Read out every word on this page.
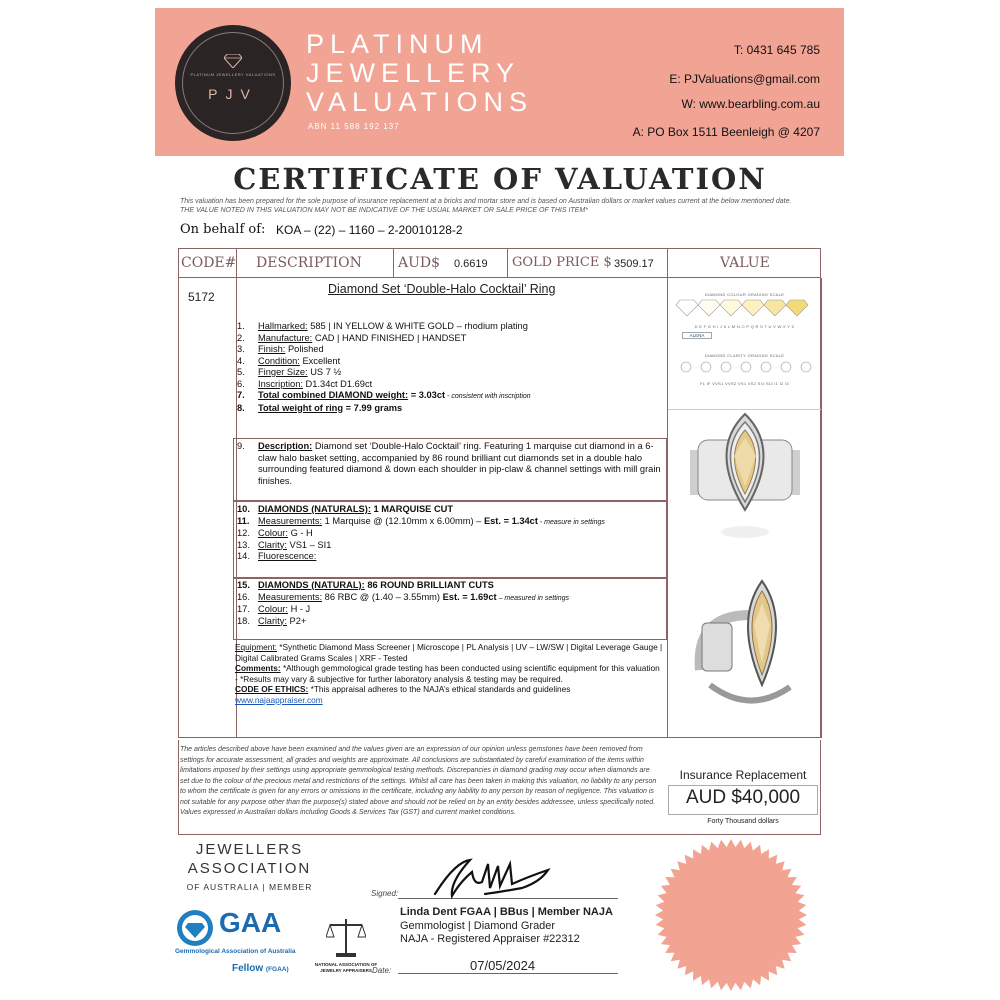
PLATINUM JEWELLERY VALUATIONS
PJV
PLATINUM
JEWELLERY
VALUATIONS
ABN 11 588 192 137
T: 0431 645 785
E: PJValuations@gmail.com
W: www.bearbling.com.au
A: PO Box 1511 Beenleigh @ 4207
CERTIFICATE OF VALUATION
This valuation has been prepared for the sole purpose of insurance replacement at a bricks and mortar store and is based on Australian dollars or market values current at the below mentioned date.
THE VALUE NOTED IN THIS VALUATION MAY NOT BE INDICATIVE OF THE USUAL MARKET OR SALE PRICE OF THIS ITEM*
On behalf of: KOA – (22) – 1160 – 2-20010128-2
CODE# DESCRIPTION	AUD$ 0.6619 GOLD PRICE $ 3509.17	VALUE
5172
Diamond Set ‘Double-Halo Cocktail’ Ring
1. Hallmarked: 585 | IN YELLOW & WHITE GOLD – rhodium plating
2. Manufacture: CAD | HAND FINISHED | HANDSET
3. Finish: Polished
4. Condition: Excellent
5. Finger Size: US 7 ½
6. Inscription: D1.34ct D1.69ct
7. Total combined DIAMOND weight: = 3.03ct - consistent with inscription
8. Total weight of ring = 7.99 grams
9.	Description: Diamond set ‘Double-Halo Cocktail’ ring. Featuring 1 marquise cut diamond in a 6-claw halo basket setting, accompanied by 86 round brilliant cut diamonds set in a double halo surrounding featured diamond & down each shoulder in pip-claw & channel settings with mill grain finishes.
10. DIAMONDS (NATURALS): 1 MARQUISE CUT
11. Measurements: 1 Marquise @ (12.10mm x 6.00mm) – Est. = 1.34ct - measure in settings
12. Colour: G - H
13. Clarity: VS1 – SI1
14. Fluorescence:
15. DIAMONDS (NATURAL): 86 ROUND BRILLIANT CUTS
16. Measurements: 86 RBC @ (1.40 – 3.55mm) Est. = 1.69ct – measured in settings
17. Colour: H - J
18. Clarity: P2+
Equipment: *Synthetic Diamond Mass Screener | Microscope | PL Analysis | UV – LW/SW | Digital Leverage Gauge | Digital Calibrated Grams Scales | XRF - Tested
Comments: *Although gemmological grade testing has been conducted using scientific equipment for this valuation - *Results may vary & subjective for further laboratory analysis & testing may be required.
CODE OF ETHICS: *This appraisal adheres to the NAJA’s ethical standards and guidelines
www.najaappraiser.com
DIAMOND COLOUR GRADING SCALE
D E F G H I J K L M N O P Q R S T U V W X Y Z
ALENA
DIAMOND CLARITY GRADING SCALE
FL IF VVS1 VVS2 VS1 VS2 SI1 SI2 I1 I2 I3
The articles described above have been examined and the values given are an expression of our opinion unless gemstones have been removed from settings for accurate assessment, all grades and weights are approximate. All conclusions are substantiated by careful examination of the items within limitations imposed by their settings using appropriate gemmological testing methods. Discrepancies in diamond grading may occur when diamonds are set due to the colour of the precious metal and restrictions of the settings. Whilst all care has been taken in making this valuation, no liability to any person to whom the certificate is given for any errors or omissions in the certificate, including any liability to any person by reason of negligence. This valuation is not suitable for any purpose other than the purpose(s) stated above and should not be relied on by an entity besides addressee, unless specifically noted. Values expressed in Australian dollars including Goods & Services Tax (GST) and current market conditions.
Insurance Replacement
AUD $40,000
Forty Thousand dollars
JEWELLERS
ASSOCIATION
OF AUSTRALIA | MEMBER
GAA
Gemmological Association of Australia
Fellow (FGAA)
NATIONAL ASSOCIATION OF JEWELRY APPRAISERS
Signed:
Linda Dent FGAA | BBus | Member NAJA
Gemmologist | Diamond Grader
NAJA - Registered Appraiser #22312
Date:	07/05/2024
